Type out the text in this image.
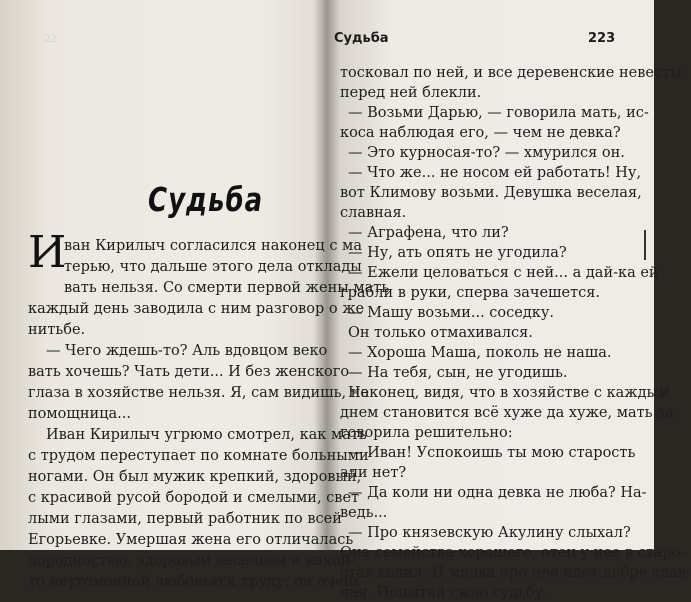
22
Судьба
И
ван Кирилыч согласился наконец с ма
терью, что дальше этого дела отклады
вать нельзя. Со смерти первой жены мать
каждый день заводила с ним разговор о же
нитьбе.
— Чего ждешь-то? Аль вдовцом веко
вать хочешь? Чать дети... И без женского
глаза в хозяйстве нельзя. Я, сам видишь, не
помощница...
Иван Кирилыч угрюмо смотрел, как мать
с трудом переступает по комнате больными
ногами. Он был мужик крепкий, здоровый,
с красивой русой бородой и смелыми, свет
лыми глазами, первый работник по всей
Егорьевке. Умершая жена его отличалась
дородностью, здоровым весельем и какой-
то неугомонной любовью к труду; он очень
Судьба	223
тосковал по ней, и все деревенские невесты
перед ней блекли.
— Возьми Дарью, — говорила мать, ис-
коса наблюдая его, — чем не девка?
— Это курносая-то? — хмурился он.
— Что же... не носом ей работать! Ну,
вот Климову возьми. Девушка веселая,
славная.
— Аграфена, что ли?
— Ну, ать опять не угодила?
— Ежели целоваться с ней... а дай-ка ей
грабли в руки, сперва зачешется.
— Машу возьми... соседку.
Он только отмахивался.
— Хороша Маша, поколь не наша.
— На тебя, сын, не угодишь.
Наконец, видя, что в хозяйстве с каждым
днем становится всё хуже да хуже, мать за-
говорила решительно:
— Иван! Успокоишь ты мою старость
али нет?
— Да коли ни одна девка не люба? На-
ведь...
— Про князевскую Акулину слыхал?
Она семейства хорошего, отец у нее в старо-
стах ходил. И молва про нее идет добре слав-
ная. Попытай свою судьбу.
